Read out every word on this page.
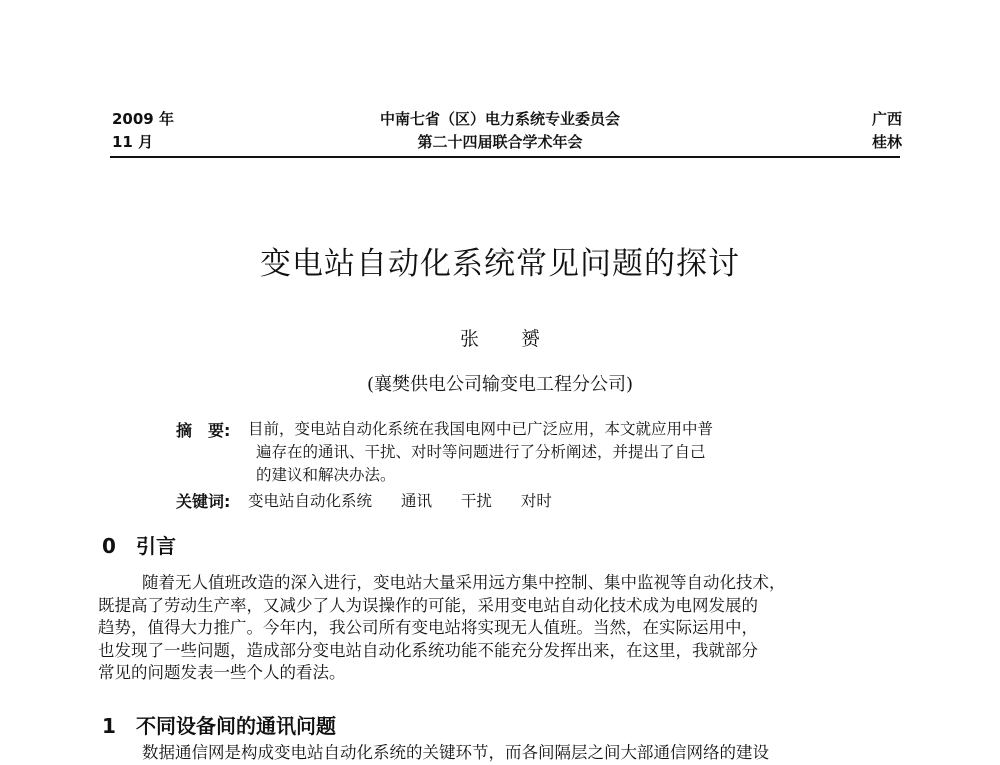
2009 年
11 月
中南七省（区）电力系统专业委员会
第二十四届联合学术年会
广西
桂林
变电站自动化系统常见问题的探讨
张 赟
(襄樊供电公司输变电工程分公司)
摘　要: 目前，变电站自动化系统在我国电网中已广泛应用，本文就应用中普
遍存在的通讯、干扰、对时等问题进行了分析阐述，并提出了自己
的建议和解决办法。
关键词: 变电站自动化系统 通讯 干扰 对时
0 引言
随着无人值班改造的深入进行，变电站大量采用远方集中控制、集中监视等自动化技术，
既提高了劳动生产率，又减少了人为误操作的可能，采用变电站自动化技术成为电网发展的
趋势，值得大力推广。今年内，我公司所有变电站将实现无人值班。当然，在实际运用中，
也发现了一些问题，造成部分变电站自动化系统功能不能充分发挥出来，在这里，我就部分
常见的问题发表一些个人的看法。
1 不同设备间的通讯问题
数据通信网是构成变电站自动化系统的关键环节，而各间隔层之间大部通信网络的建设
